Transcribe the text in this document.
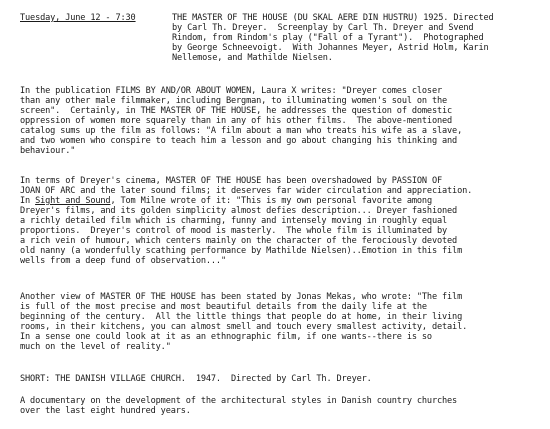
Tuesday, June 12 - 7:30	THE MASTER OF THE HOUSE (DU SKAL AERE DIN HUSTRU) 1925. Directed
by Carl Th. Dreyer.  Screenplay by Carl Th. Dreyer and Svend
Rindom, from Rindom's play ("Fall of a Tyrant").  Photographed
by George Schneevoigt.  With Johannes Meyer, Astrid Holm, Karin
Nellemose, and Mathilde Nielsen.
In the publication FILMS BY AND/OR ABOUT WOMEN, Laura X writes: "Dreyer comes closer
than any other male filmmaker, including Bergman, to illuminating women's soul on the
screen".  Certainly, in THE MASTER OF THE HOUSE, he addresses the question of domestic
oppression of women more squarely than in any of his other films.  The above-mentioned
catalog sums up the film as follows: "A film about a man who treats his wife as a slave,
and two women who conspire to teach him a lesson and go about changing his thinking and
behaviour."
In terms of Dreyer's cinema, MASTER OF THE HOUSE has been overshadowed by PASSION OF
JOAN OF ARC and the later sound films; it deserves far wider circulation and appreciation.
In Sight and Sound, Tom Milne wrote of it: "This is my own personal favorite among
Dreyer's films, and its golden simplicity almost defies description... Dreyer fashioned
a richly detailed film which is charming, funny and intensely moving in roughly equal
proportions.  Dreyer's control of mood is masterly.  The whole film is illuminated by
a rich vein of humour, which centers mainly on the character of the ferociously devoted
old nanny (a wonderfully scathing performance by Mathilde Nielsen)..Emotion in this film
wells from a deep fund of observation..."
Another view of MASTER OF THE HOUSE has been stated by Jonas Mekas, who wrote: "The film
is full of the most precise and most beautiful details from the daily life at the
beginning of the century.  All the little things that people do at home, in their living
rooms, in their kitchens, you can almost smell and touch every smallest activity, detail.
In a sense one could look at it as an ethnographic film, if one wants--there is so
much on the level of reality."
SHORT: THE DANISH VILLAGE CHURCH.  1947.  Directed by Carl Th. Dreyer.
A documentary on the development of the architectural styles in Danish country churches
over the last eight hundred years.
